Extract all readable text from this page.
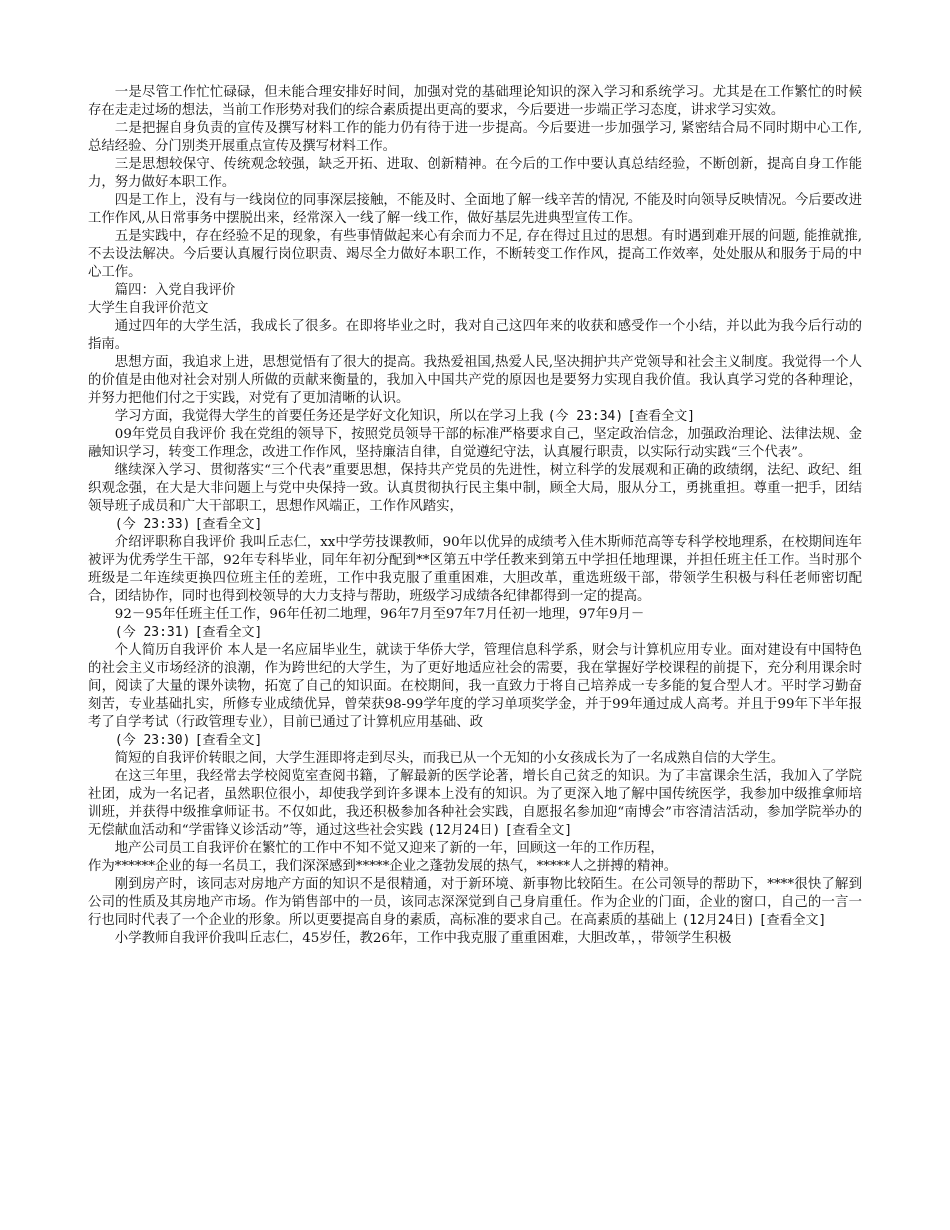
一是尽管工作忙忙碌碌，但未能合理安排好时间，加强对党的基础理论知识的深入学习和系统学习。尤其是在工作繁忙的时候存在走走过场的想法，当前工作形势对我们的综合素质提出更高的要求，今后要进一步端正学习态度，讲求学习实效。

二是把握自身负责的宣传及撰写材料工作的能力仍有待于进一步提高。今后要进一步加强学习, 紧密结合局不同时期中心工作, 总结经验、分门别类开展重点宣传及撰写材料工作。

三是思想较保守、传统观念较强，缺乏开拓、进取、创新精神。在今后的工作中要认真总结经验，不断创新，提高自身工作能力，努力做好本职工作。

四是工作上，没有与一线岗位的同事深层接触，不能及时、全面地了解一线辛苦的情况, 不能及时向领导反映情况。今后要改进工作作风,从日常事务中摆脱出来，经常深入一线了解一线工作，做好基层先进典型宣传工作。

五是实践中，存在经验不足的现象，有些事情做起来心有余而力不足, 存在得过且过的思想。有时遇到难开展的问题, 能推就推, 不去设法解决。今后要认真履行岗位职责、竭尽全力做好本职工作，不断转变工作作风，提高工作效率，处处服从和服务于局的中心工作。

篇四：入党自我评价

大学生自我评价范文

通过四年的大学生活，我成长了很多。在即将毕业之时，我对自己这四年来的收获和感受作一个小结，并以此为我今后行动的指南。

思想方面，我追求上进，思想觉悟有了很大的提高。我热爱祖国,热爱人民,坚决拥护共产党领导和社会主义制度。我觉得一个人的价值是由他对社会对别人所做的贡献来衡量的，我加入中国共产党的原因也是要努力实现自我价值。我认真学习党的各种理论，并努力把他们付之于实践，对党有了更加清晰的认识。

学习方面，我觉得大学生的首要任务还是学好文化知识，所以在学习上我 (今 23:34) [查看全文]

09年党员自我评价 我在党组的领导下，按照党员领导干部的标准严格要求自己，坚定政治信念，加强政治理论、法律法规、金融知识学习，转变工作理念，改进工作作风，坚持廉洁自律，自觉遵纪守法，认真履行职责，以实际行动实践“三个代表”。

继续深入学习、贯彻落实“三个代表”重要思想，保持共产党员的先进性，树立科学的发展观和正确的政绩纲，法纪、政纪、组织观念强，在大是大非问题上与党中央保持一致。认真贯彻执行民主集中制，顾全大局，服从分工，勇挑重担。尊重一把手，团结领导班子成员和广大干部职工，思想作风端正，工作作风踏实，

(今 23:33) [查看全文]

介绍评职称自我评价 我叫丘志仁，xx中学劳技课教师，90年以优异的成绩考入佳木斯师范高等专科学校地理系，在校期间连年被评为优秀学生干部，92年专科毕业，同年年初分配到**区第五中学任教来到第五中学担任地理课，并担任班主任工作。当时那个班级是二年连续更换四位班主任的差班，工作中我克服了重重困难，大胆改革，重选班级干部，带领学生积极与科任老师密切配合，团结协作，同时也得到校领导的大力支持与帮助，班级学习成绩各纪律都得到一定的提高。

92－95年任班主任工作，96年任初二地理，96年7月至97年7月任初一地理，97年9月－

(今 23:31) [查看全文]

个人简历自我评价 本人是一名应届毕业生，就读于华侨大学，管理信息科学系，财会与计算机应用专业。面对建设有中国特色的社会主义市场经济的浪潮，作为跨世纪的大学生，为了更好地适应社会的需要，我在掌握好学校课程的前提下，充分利用课余时间，阅读了大量的课外读物，拓宽了自己的知识面。在校期间，我一直致力于将自己培养成一专多能的复合型人才。平时学习勤奋刻苦，专业基础扎实，所修专业成绩优异，曾荣获98-99学年度的学习单项奖学金，并于99年通过成人高考。并且于99年下半年报考了自学考试（行政管理专业），目前已通过了计算机应用基础、政

(今 23:30) [查看全文]

简短的自我评价转眼之间，大学生涯即将走到尽头，而我已从一个无知的小女孩成长为了一名成熟自信的大学生。

在这三年里，我经常去学校阅览室查阅书籍，了解最新的医学论著，增长自己贫乏的知识。为了丰富课余生活，我加入了学院社团，成为一名记者，虽然职位很小，却使我学到许多课本上没有的知识。为了更深入地了解中国传统医学，我参加中级推拿师培训班，并获得中级推拿师证书。不仅如此，我还积极参加各种社会实践，自愿报名参加迎“南博会”市容清洁活动，参加学院举办的无偿献血活动和“学雷锋义诊活动”等，通过这些社会实践 (12月24日) [查看全文]

地产公司员工自我评价在繁忙的工作中不知不觉又迎来了新的一年，回顾这一年的工作历程，

作为******企业的每一名员工，我们深深感到*****企业之蓬勃发展的热气，*****人之拼搏的精神。

刚到房产时，该同志对房地产方面的知识不是很精通，对于新环境、新事物比较陌生。在公司领导的帮助下，****很快了解到公司的性质及其房地产市场。作为销售部中的一员，该同志深深觉到自己身肩重任。作为企业的门面，企业的窗口，自己的一言一行也同时代表了一个企业的形象。所以更要提高自身的素质，高标准的要求自己。在高素质的基础上 (12月24日) [查看全文]

小学教师自我评价我叫丘志仁，45岁任，教26年，工作中我克服了重重困难，大胆改革，，带领学生积极
